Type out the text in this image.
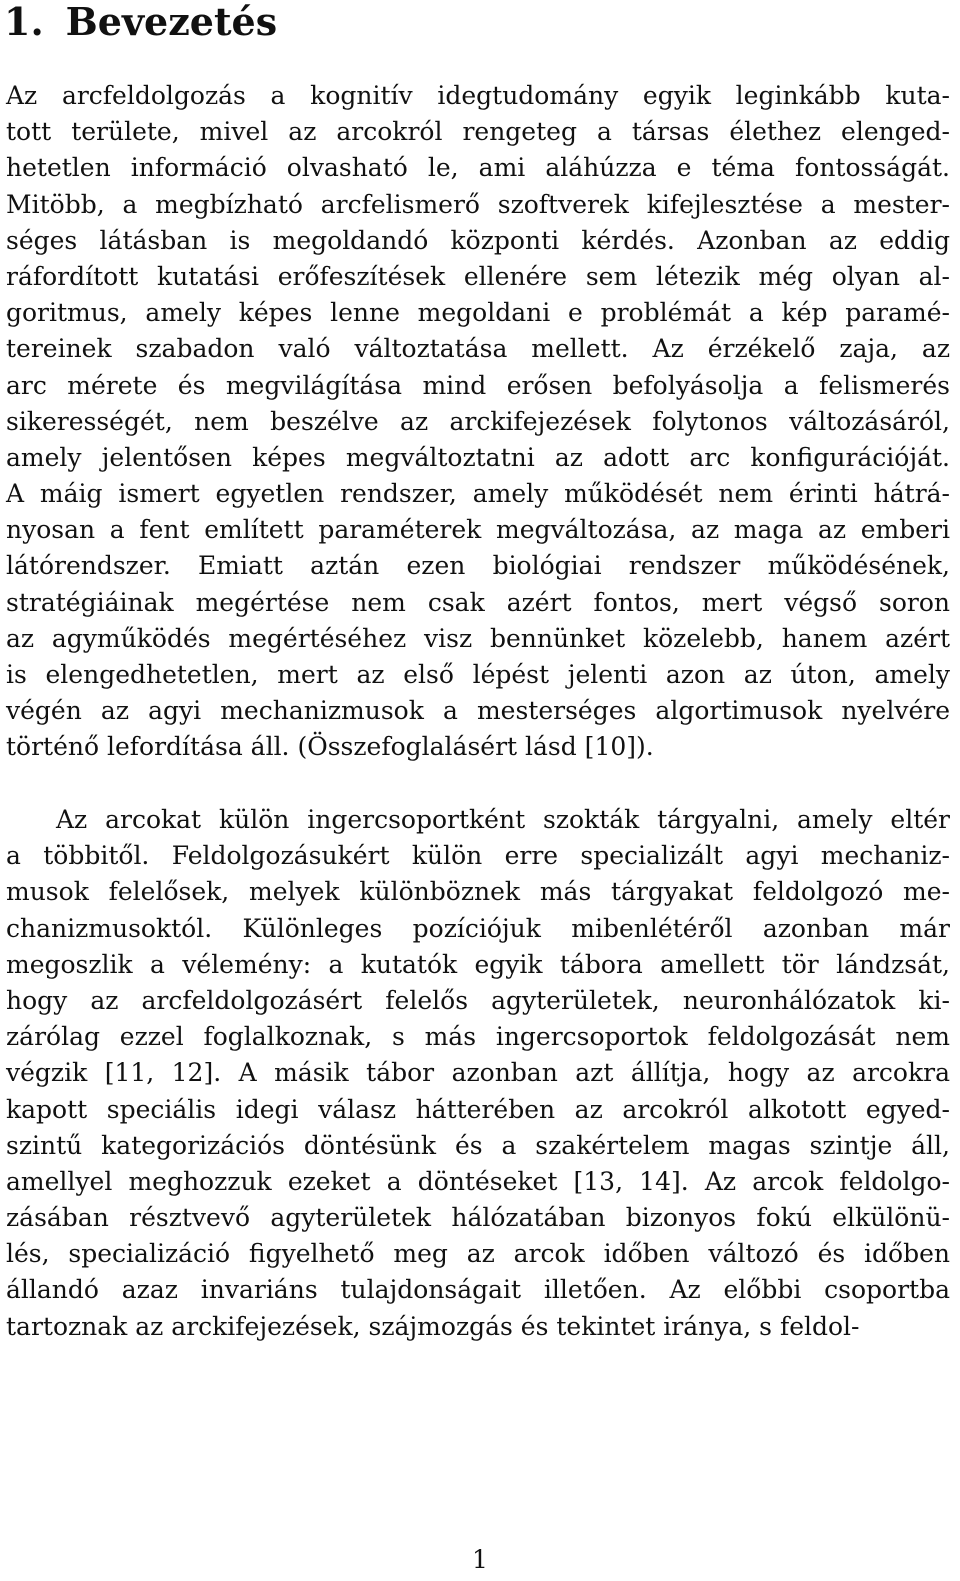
1. Bevezetés
Az arcfeldolgozás a kognitív idegtudomány egyik leginkább kuta-
tott területe, mivel az arcokról rengeteg a társas élethez elenged-
hetetlen információ olvasható le, ami aláhúzza e téma fontosságát.
Mitöbb, a megbízható arcfelismerő szoftverek kifejlesztése a mester-
séges látásban is megoldandó központi kérdés. Azonban az eddig
ráfordított kutatási erőfeszítések ellenére sem létezik még olyan al-
goritmus, amely képes lenne megoldani e problémát a kép paramé-
tereinek szabadon való változtatása mellett. Az érzékelő zaja, az
arc mérete és megvilágítása mind erősen befolyásolja a felismerés
sikerességét, nem beszélve az arckifejezések folytonos változásáról,
amely jelentősen képes megváltoztatni az adott arc konfigurációját.
A máig ismert egyetlen rendszer, amely működését nem érinti hátrá-
nyosan a fent említett paraméterek megváltozása, az maga az emberi
látórendszer. Emiatt aztán ezen biológiai rendszer működésének,
stratégiáinak megértése nem csak azért fontos, mert végső soron
az agyműködés megértéséhez visz bennünket közelebb, hanem azért
is elengedhetetlen, mert az első lépést jelenti azon az úton, amely
végén az agyi mechanizmusok a mesterséges algortimusok nyelvére
történő lefordítása áll. (Összefoglalásért lásd [10]).
Az arcokat külön ingercsoportként szokták tárgyalni, amely eltér
a többitől. Feldolgozásukért külön erre specializált agyi mechaniz-
musok felelősek, melyek különböznek más tárgyakat feldolgozó me-
chanizmusoktól. Különleges pozíciójuk mibenlétéről azonban már
megoszlik a vélemény: a kutatók egyik tábora amellett tör lándzsát,
hogy az arcfeldolgozásért felelős agyterületek, neuronhálózatok ki-
zárólag ezzel foglalkoznak, s más ingercsoportok feldolgozását nem
végzik [11, 12]. A másik tábor azonban azt állítja, hogy az arcokra
kapott speciális idegi válasz hátterében az arcokról alkotott egyed-
szintű kategorizációs döntésünk és a szakértelem magas szintje áll,
amellyel meghozzuk ezeket a döntéseket [13, 14]. Az arcok feldolgo-
zásában résztvevő agyterületek hálózatában bizonyos fokú elkülönü-
lés, specializáció figyelhető meg az arcok időben változó és időben
állandó azaz invariáns tulajdonságait illetően. Az előbbi csoportba
tartoznak az arckifejezések, szájmozgás és tekintet iránya, s feldol-
1
